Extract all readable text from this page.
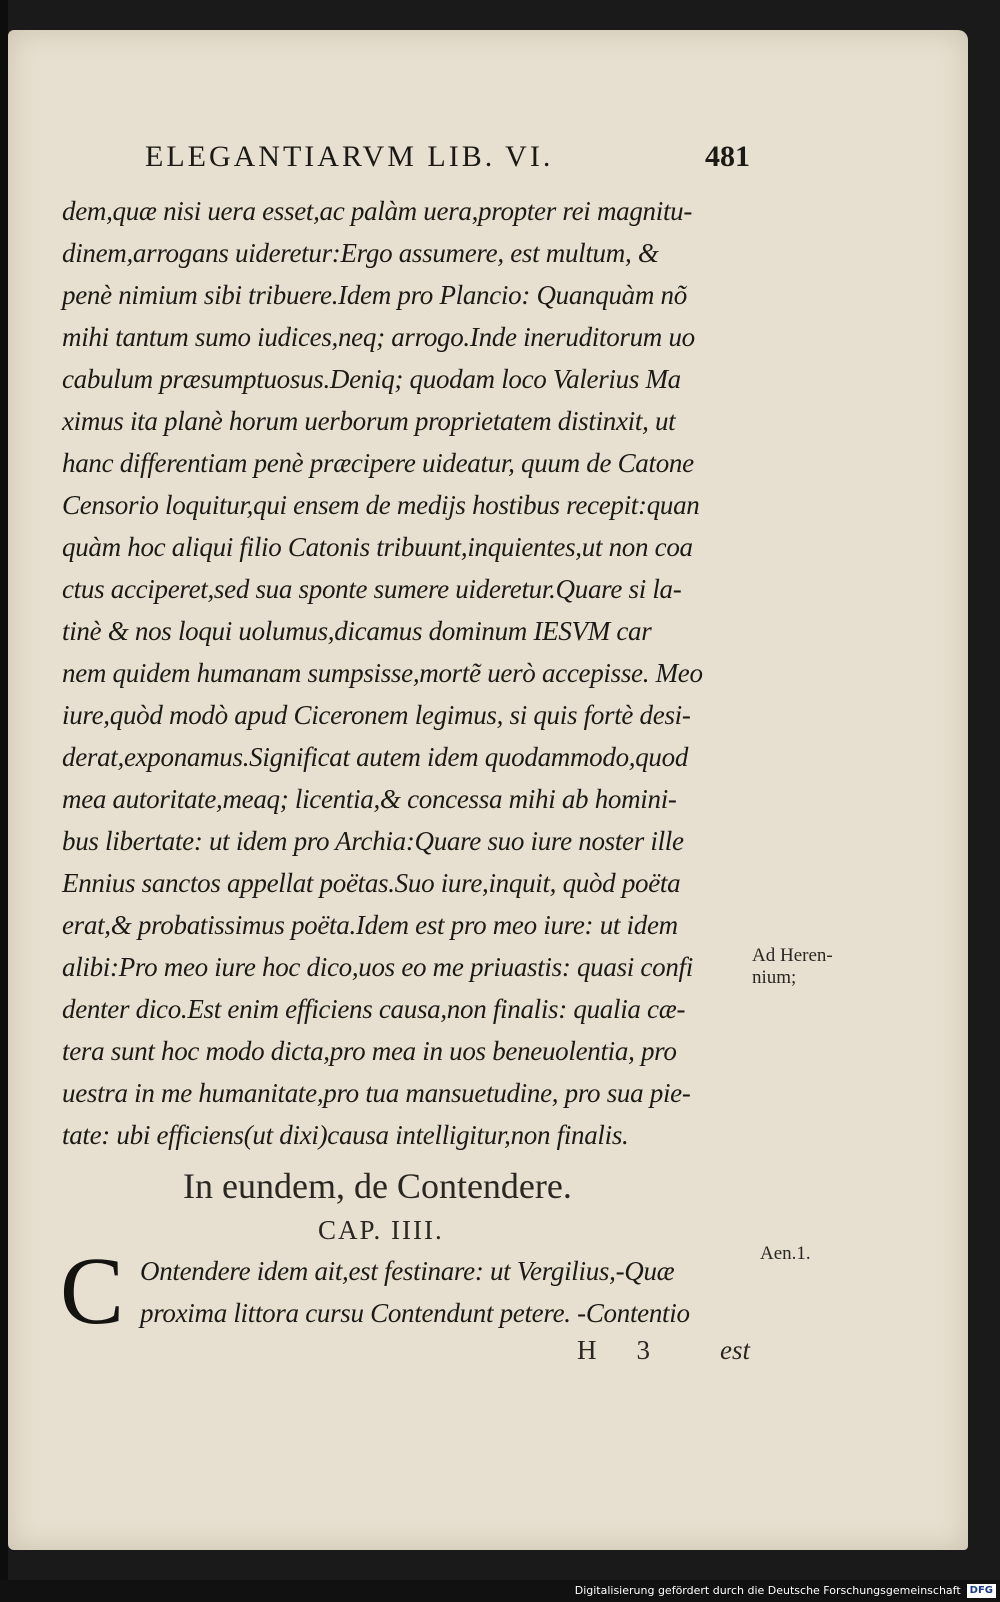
ELEGANTIARVM LIB. VI.	481
dem,quæ nisi uera esset,ac palàm uera,propter rei magnitu-
dinem,arrogans uideretur:Ergo assumere, est multum, &
penè nimium sibi tribuere.Idem pro Plancio: Quanquàm nõ
mihi tantum sumo iudices,neq; arrogo.Inde ineruditorum uo
cabulum præsumptuosus.Deniq; quodam loco Valerius Ma
ximus ita planè horum uerborum proprietatem distinxit, ut
hanc differentiam penè præcipere uideatur, quum de Catone
Censorio loquitur,qui ensem de medijs hostibus recepit:quan
quàm hoc aliqui filio Catonis tribuunt,inquientes,ut non coa
ctus acciperet,sed sua sponte sumere uideretur.Quare si la-
tinè & nos loqui uolumus,dicamus dominum IESVM car
nem quidem humanam sumpsisse,mortẽ uerò accepisse. Meo
iure,quòd modò apud Ciceronem legimus, si quis fortè desi-
derat,exponamus.Significat autem idem quodammodo,quod
mea autoritate,meaq; licentia,& concessa mihi ab homini-
bus libertate: ut idem pro Archia:Quare suo iure noster ille
Ennius sanctos appellat poëtas.Suo iure,inquit, quòd poëta
erat,& probatissimus poëta.Idem est pro meo iure: ut idem
alibi:Pro meo iure hoc dico,uos eo me priuastis: quasi confi
denter dico.Est enim efficiens causa,non finalis: qualia cæ-
tera sunt hoc modo dicta,pro mea in uos beneuolentia, pro
uestra in me humanitate,pro tua mansuetudine, pro sua pie-
tate: ubi efficiens(ut dixi)causa intelligitur,non finalis.
Ad Heren-
nium;
In eundem, de Contendere.
CAP. IIII.
C Ontendere idem ait,est festinare: ut Vergilius,-Quæ
proxima littora cursu Contendunt petere. -Contentio
Aen.1.
H 3	est
Digitalisierung gefördert durch die Deutsche Forschungsgemeinschaft DFG
